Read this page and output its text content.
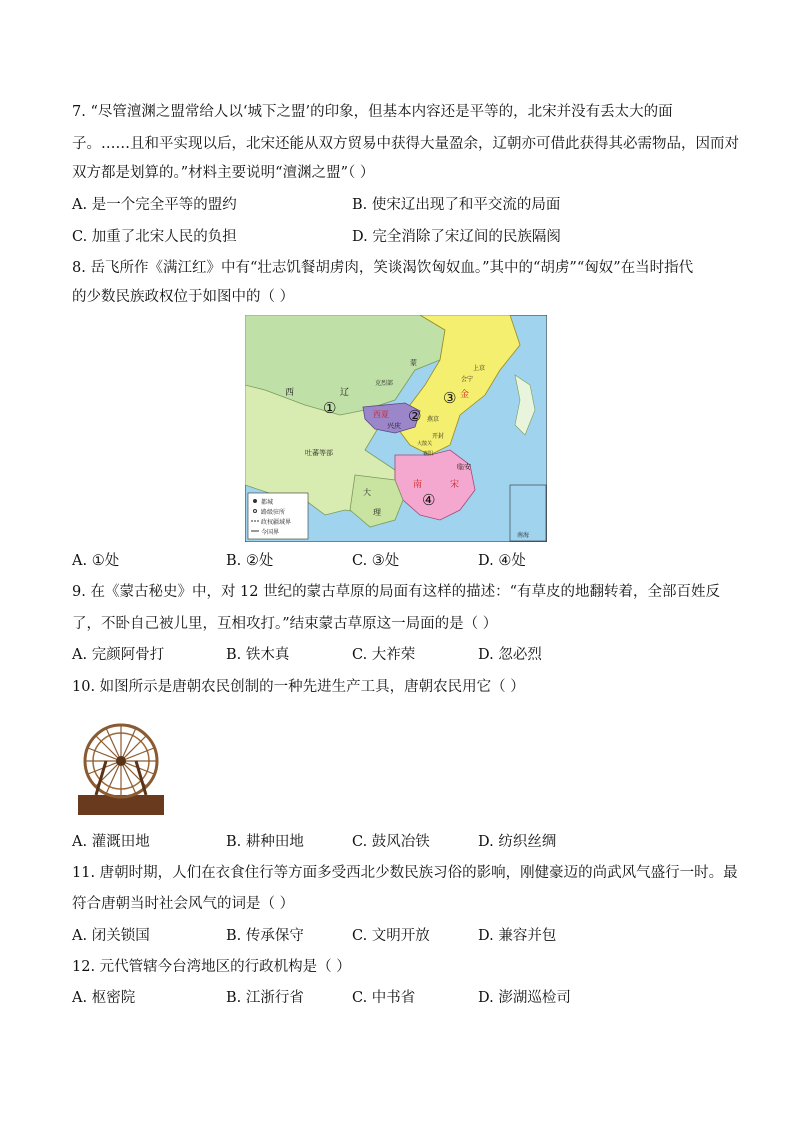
7. “尽管澶渊之盟常给人以‘城下之盟’的印象，但基本内容还是平等的，北宋并没有丢太大的面
子。……且和平实现以后，北宋还能从双方贸易中获得大量盈余，辽朝亦可借此获得其必需物品，因而对
双方都是划算的。”材料主要说明“澶渊之盟”（ ）
A. 是一个完全平等的盟约	B. 使宋辽出现了和平交流的局面
C. 加重了北宋人民的负担	D. 完全消除了宋辽间的民族隔阂
8. 岳飞所作《满江红》中有“壮志饥餐胡虏肉，笑谈渴饮匈奴血。”其中的“胡虏”“匈奴”在当时指代
的少数民族政权位于如图中的（ ）
都城
路级驻所
政权疆域界
今国界	南海
西	辽
蒙
克烈部
上京
会宁
金
西夏
兴庆
燕京
开封
吐蕃等部
大散关
襄阳
临安
南	宋
大
理
①	②
③
④
A. ①处	B. ②处	C. ③处	D. ④处
9. 在《蒙古秘史》中，对 12 世纪的蒙古草原的局面有这样的描述：“有草皮的地翻转着，全部百姓反
了，不卧自己被儿里，互相攻打。”结束蒙古草原这一局面的是（ ）
A. 完颜阿骨打	B. 铁木真	C. 大祚荣	D. 忽必烈
10. 如图所示是唐朝农民创制的一种先进生产工具，唐朝农民用它（ ）
A. 灌溉田地	B. 耕种田地	C. 鼓风冶铁	D. 纺织丝绸
11. 唐朝时期，人们在衣食住行等方面多受西北少数民族习俗的影响，刚健豪迈的尚武风气盛行一时。最
符合唐朝当时社会风气的词是（ ）
A. 闭关锁国	B. 传承保守	C. 文明开放	D. 兼容并包
12. 元代管辖今台湾地区的行政机构是（ ）
A. 枢密院	B. 江浙行省	C. 中书省	D. 澎湖巡检司
